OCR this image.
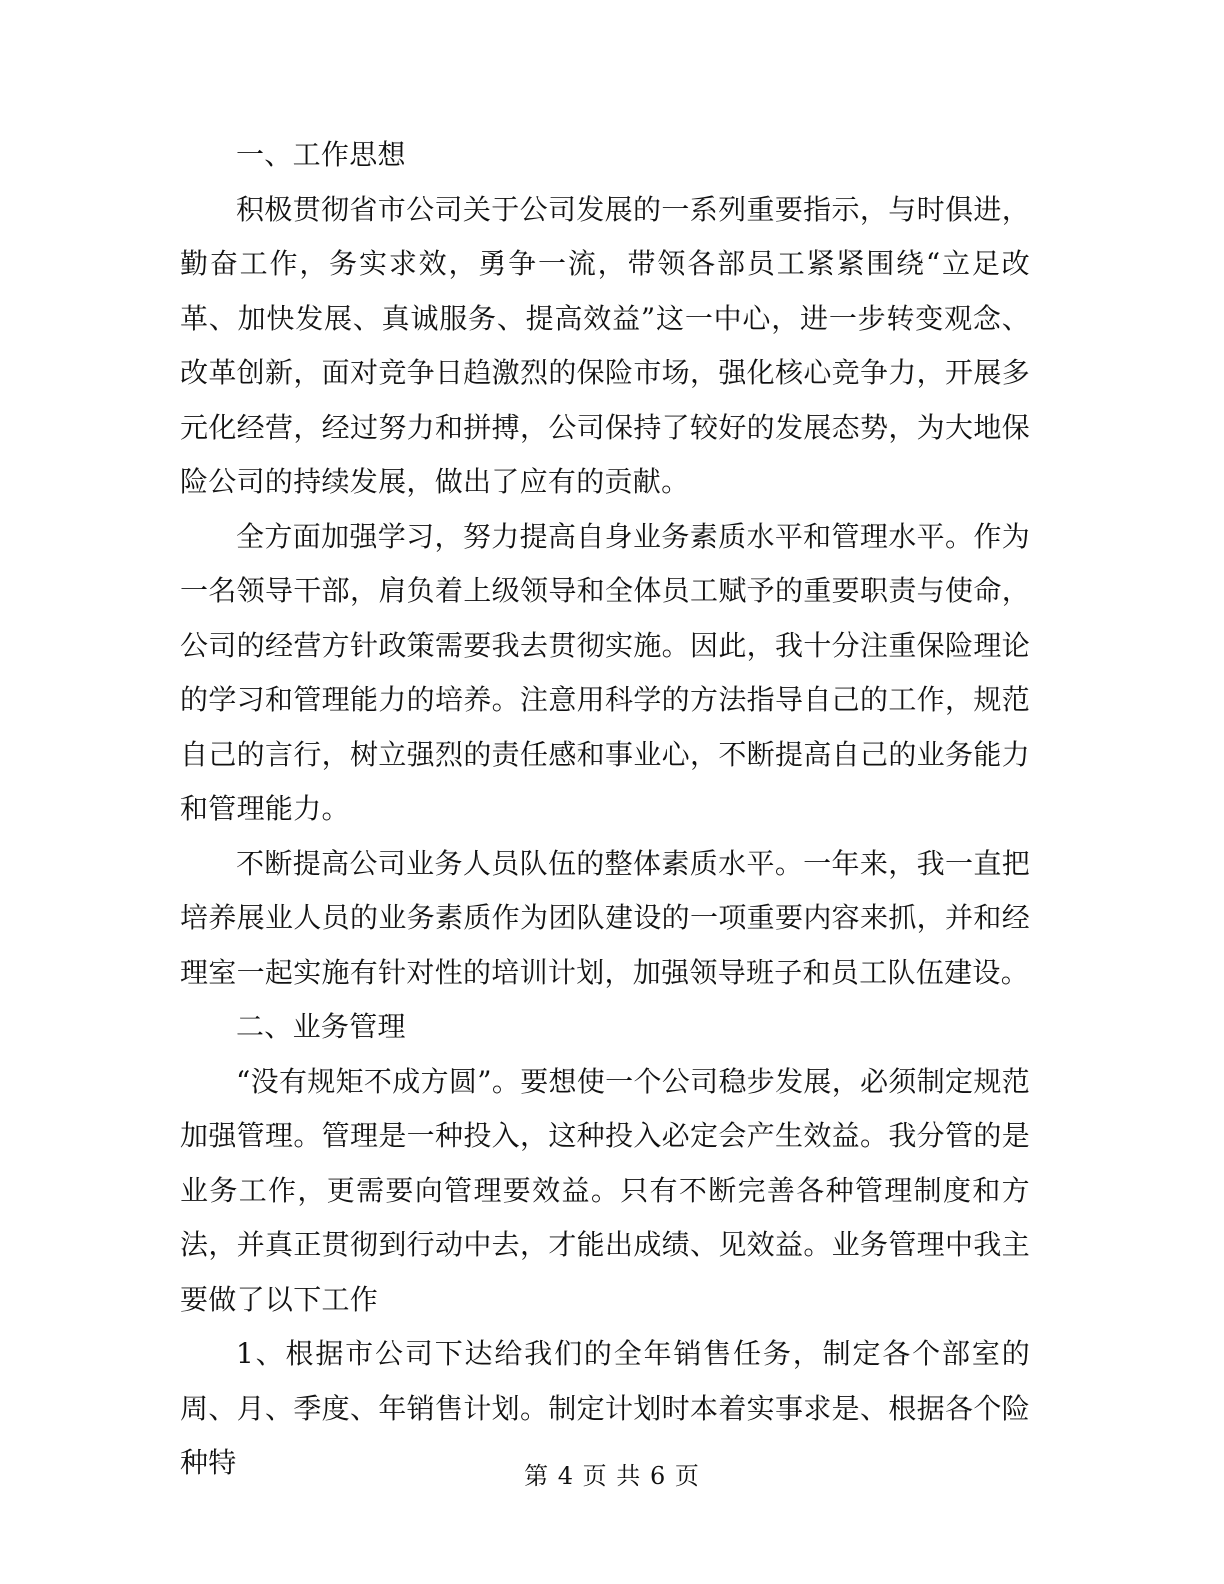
一、工作思想

积极贯彻省市公司关于公司发展的一系列重要指示，与时俱进，勤奋工作，务实求效，勇争一流，带领各部员工紧紧围绕“立足改革、加快发展、真诚服务、提高效益”这一中心，进一步转变观念、改革创新，面对竞争日趋激烈的保险市场，强化核心竞争力，开展多元化经营，经过努力和拼搏，公司保持了较好的发展态势，为大地保险公司的持续发展，做出了应有的贡献。

全方面加强学习，努力提高自身业务素质水平和管理水平。作为一名领导干部，肩负着上级领导和全体员工赋予的重要职责与使命，公司的经营方针政策需要我去贯彻实施。因此，我十分注重保险理论的学习和管理能力的培养。注意用科学的方法指导自己的工作，规范自己的言行，树立强烈的责任感和事业心，不断提高自己的业务能力和管理能力。

不断提高公司业务人员队伍的整体素质水平。一年来，我一直把培养展业人员的业务素质作为团队建设的一项重要内容来抓，并和经理室一起实施有针对性的培训计划，加强领导班子和员工队伍建设。

二、业务管理

“没有规矩不成方圆”。要想使一个公司稳步发展，必须制定规范加强管理。管理是一种投入，这种投入必定会产生效益。我分管的是业务工作，更需要向管理要效益。只有不断完善各种管理制度和方法，并真正贯彻到行动中去，才能出成绩、见效益。业务管理中我主要做了以下工作

1、根据市公司下达给我们的全年销售任务，制定各个部室的周、月、季度、年销售计划。制定计划时本着实事求是、根据各个险种特	第 4 页 共 6 页
